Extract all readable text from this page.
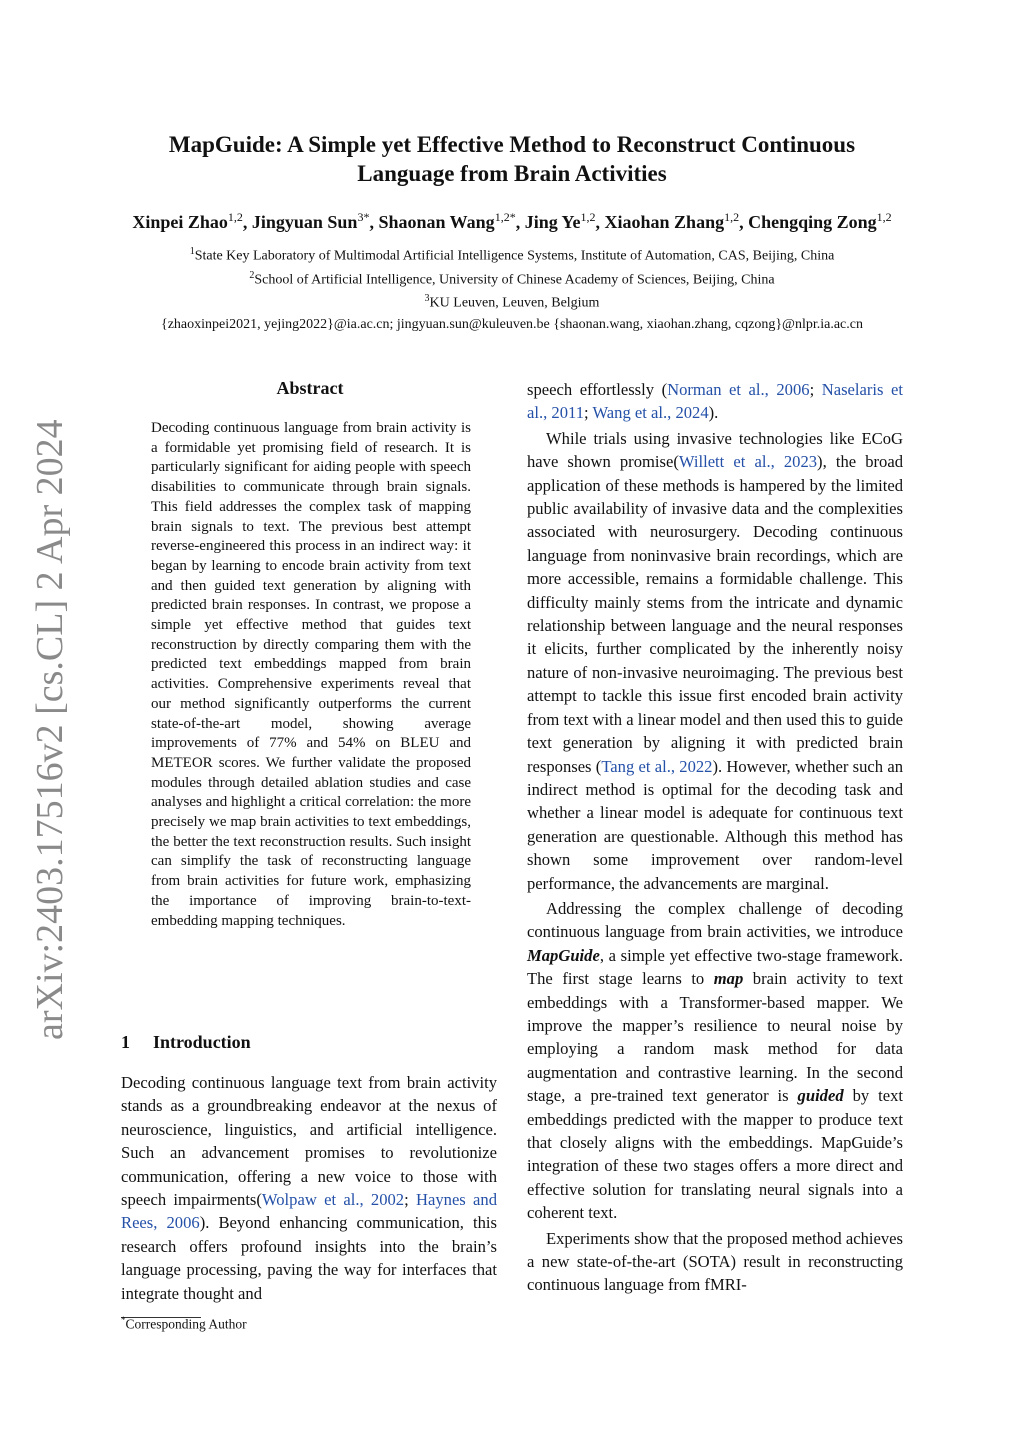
MapGuide: A Simple yet Effective Method to Reconstruct Continuous
Language from Brain Activities
Xinpei Zhao$^{1,2}$, Jingyuan Sun$^{3*}$, Shaonan Wang$^{1,2*}$, Jing Ye$^{1,2}$, Xiaohan Zhang$^{1,2}$, Chengqing Zong$^{1,2}$
$^1$State Key Laboratory of Multimodal Artificial Intelligence Systems, Institute of Automation, CAS, Beijing, China
$^2$School of Artificial Intelligence, University of Chinese Academy of Sciences, Beijing, China
$^3$KU Leuven, Leuven, Belgium
{zhaoxinpei2021, yejing2022}@ia.ac.cn; jingyuan.sun@kuleuven.be {shaonan.wang, xiaohan.zhang, cqzong}@nlpr.ia.ac.cn
arXiv:2403.17516v2 [cs.CL] 2 Apr 2024
Abstract
Decoding continuous language from brain activity is a formidable yet promising field of research. It is particularly significant for aiding people with speech disabilities to communicate through brain signals. This field addresses the complex task of mapping brain signals to text. The previous best attempt reverse-engineered this process in an indirect way: it began by learning to encode brain activity from text and then guided text generation by aligning with predicted brain responses. In contrast, we propose a simple yet effective method that guides text reconstruction by directly comparing them with the predicted text embeddings mapped from brain activities. Comprehensive experiments reveal that our method significantly outperforms the current state-of-the-art model, showing average improvements of 77% and 54% on BLEU and METEOR scores. We further validate the proposed modules through detailed ablation studies and case analyses and highlight a critical correlation: the more precisely we map brain activities to text embeddings, the better the text reconstruction results. Such insight can simplify the task of reconstructing language from brain activities for future work, emphasizing the importance of improving brain-to-text-embedding mapping techniques.
1 Introduction

Decoding continuous language text from brain activity stands as a groundbreaking endeavor at the nexus of neuroscience, linguistics, and artificial intelligence. Such an advancement promises to revolutionize communication, offering a new voice to those with speech impairments(Wolpaw et al., 2002; Haynes and Rees, 2006). Beyond enhancing communication, this research offers profound insights into the brain’s language processing, paving the way for interfaces that integrate thought and

speech effortlessly (Norman et al., 2006; Naselaris et al., 2011; Wang et al., 2024).

While trials using invasive technologies like ECoG have shown promise(Willett et al., 2023), the broad application of these methods is hampered by the limited public availability of invasive data and the complexities associated with neurosurgery. Decoding continuous language from noninvasive brain recordings, which are more accessible, remains a formidable challenge. This difficulty mainly stems from the intricate and dynamic relationship between language and the neural responses it elicits, further complicated by the inherently noisy nature of non-invasive neuroimaging. The previous best attempt to tackle this issue first encoded brain activity from text with a linear model and then used this to guide text generation by aligning it with predicted brain responses (Tang et al., 2022). However, whether such an indirect method is optimal for the decoding task and whether a linear model is adequate for continuous text generation are questionable. Although this method has shown some improvement over random-level performance, the advancements are marginal.

Addressing the complex challenge of decoding continuous language from brain activities, we introduce MapGuide, a simple yet effective two-stage framework. The first stage learns to map brain activity to text embeddings with a Transformer-based mapper. We improve the mapper’s resilience to neural noise by employing a random mask method for data augmentation and contrastive learning. In the second stage, a pre-trained text generator is guided by text embeddings predicted with the mapper to produce text that closely aligns with the embeddings. MapGuide’s integration of these two stages offers a more direct and effective solution for translating neural signals into a coherent text.

Experiments show that the proposed method achieves a new state-of-the-art (SOTA) result in reconstructing continuous language from fMRI-

*Corresponding Author
